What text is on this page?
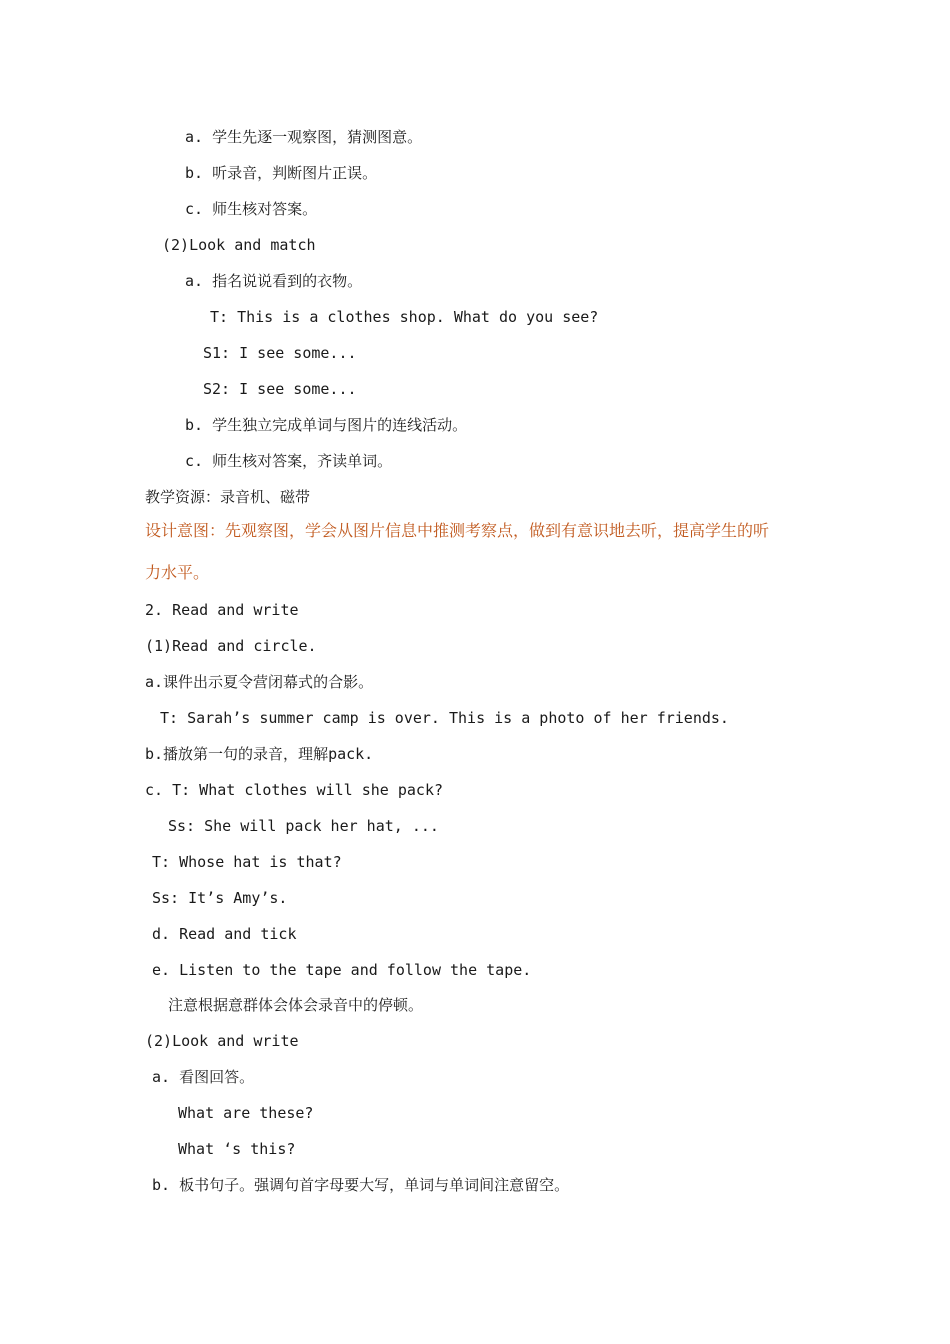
a. 学生先逐一观察图，猜测图意。
b. 听录音，判断图片正误。
c. 师生核对答案。
(2)Look and match
a. 指名说说看到的衣物。
T: This is a clothes shop. What do you see?
S1: I see some...
S2: I see some...
b. 学生独立完成单词与图片的连线活动。
c. 师生核对答案，齐读单词。
教学资源：录音机、磁带
设计意图：先观察图，学会从图片信息中推测考察点，做到有意识地去听，提高学生的听
力水平。
2. Read and write
(1)Read and circle.
a.课件出示夏令营闭幕式的合影。
T: Sarah’s summer camp is over. This is a photo of her friends.
b.播放第一句的录音，理解pack.
c. T: What clothes will she pack?
Ss: She will pack her hat, ...
T: Whose hat is that?
Ss: It’s Amy’s.
d. Read and tick
e. Listen to the tape and follow the tape.
注意根据意群体会体会录音中的停顿。
(2)Look and write
a. 看图回答。
What are these?
What ‘s this?
b. 板书句子。强调句首字母要大写，单词与单词间注意留空。
